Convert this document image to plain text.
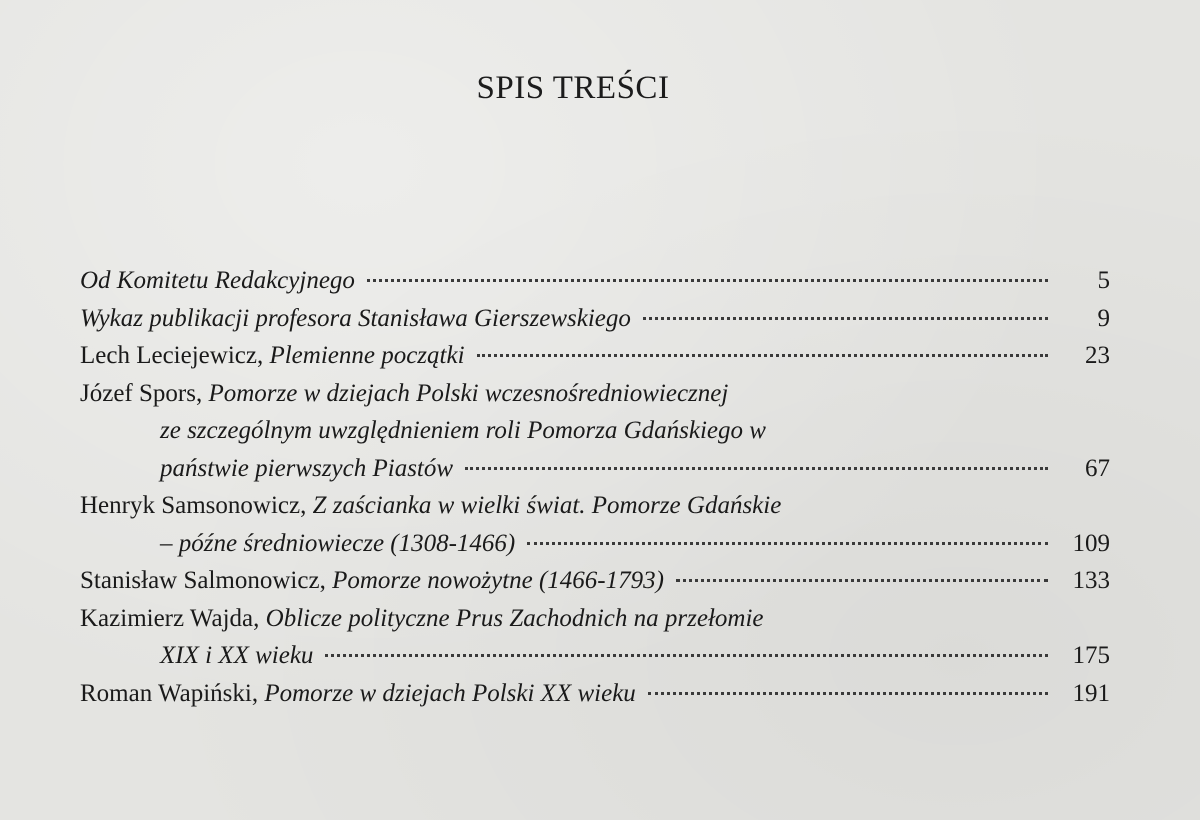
SPIS TREŚCI
Od Komitetu Redakcyjnego	5
Wykaz publikacji profesora Stanisława Gierszewskiego	9
Lech Leciejewicz, Plemienne początki	23
Józef Spors, Pomorze w dziejach Polski wczesnośredniowiecznej
ze szczególnym uwzględnieniem roli Pomorza Gdańskiego w
państwie pierwszych Piastów	67
Henryk Samsonowicz, Z zaścianka w wielki świat. Pomorze Gdańskie
– późne średniowiecze (1308-1466)	109
Stanisław Salmonowicz, Pomorze nowożytne (1466-1793)	133
Kazimierz Wajda, Oblicze polityczne Prus Zachodnich na przełomie
XIX i XX wieku	175
Roman Wapiński, Pomorze w dziejach Polski XX wieku	191
